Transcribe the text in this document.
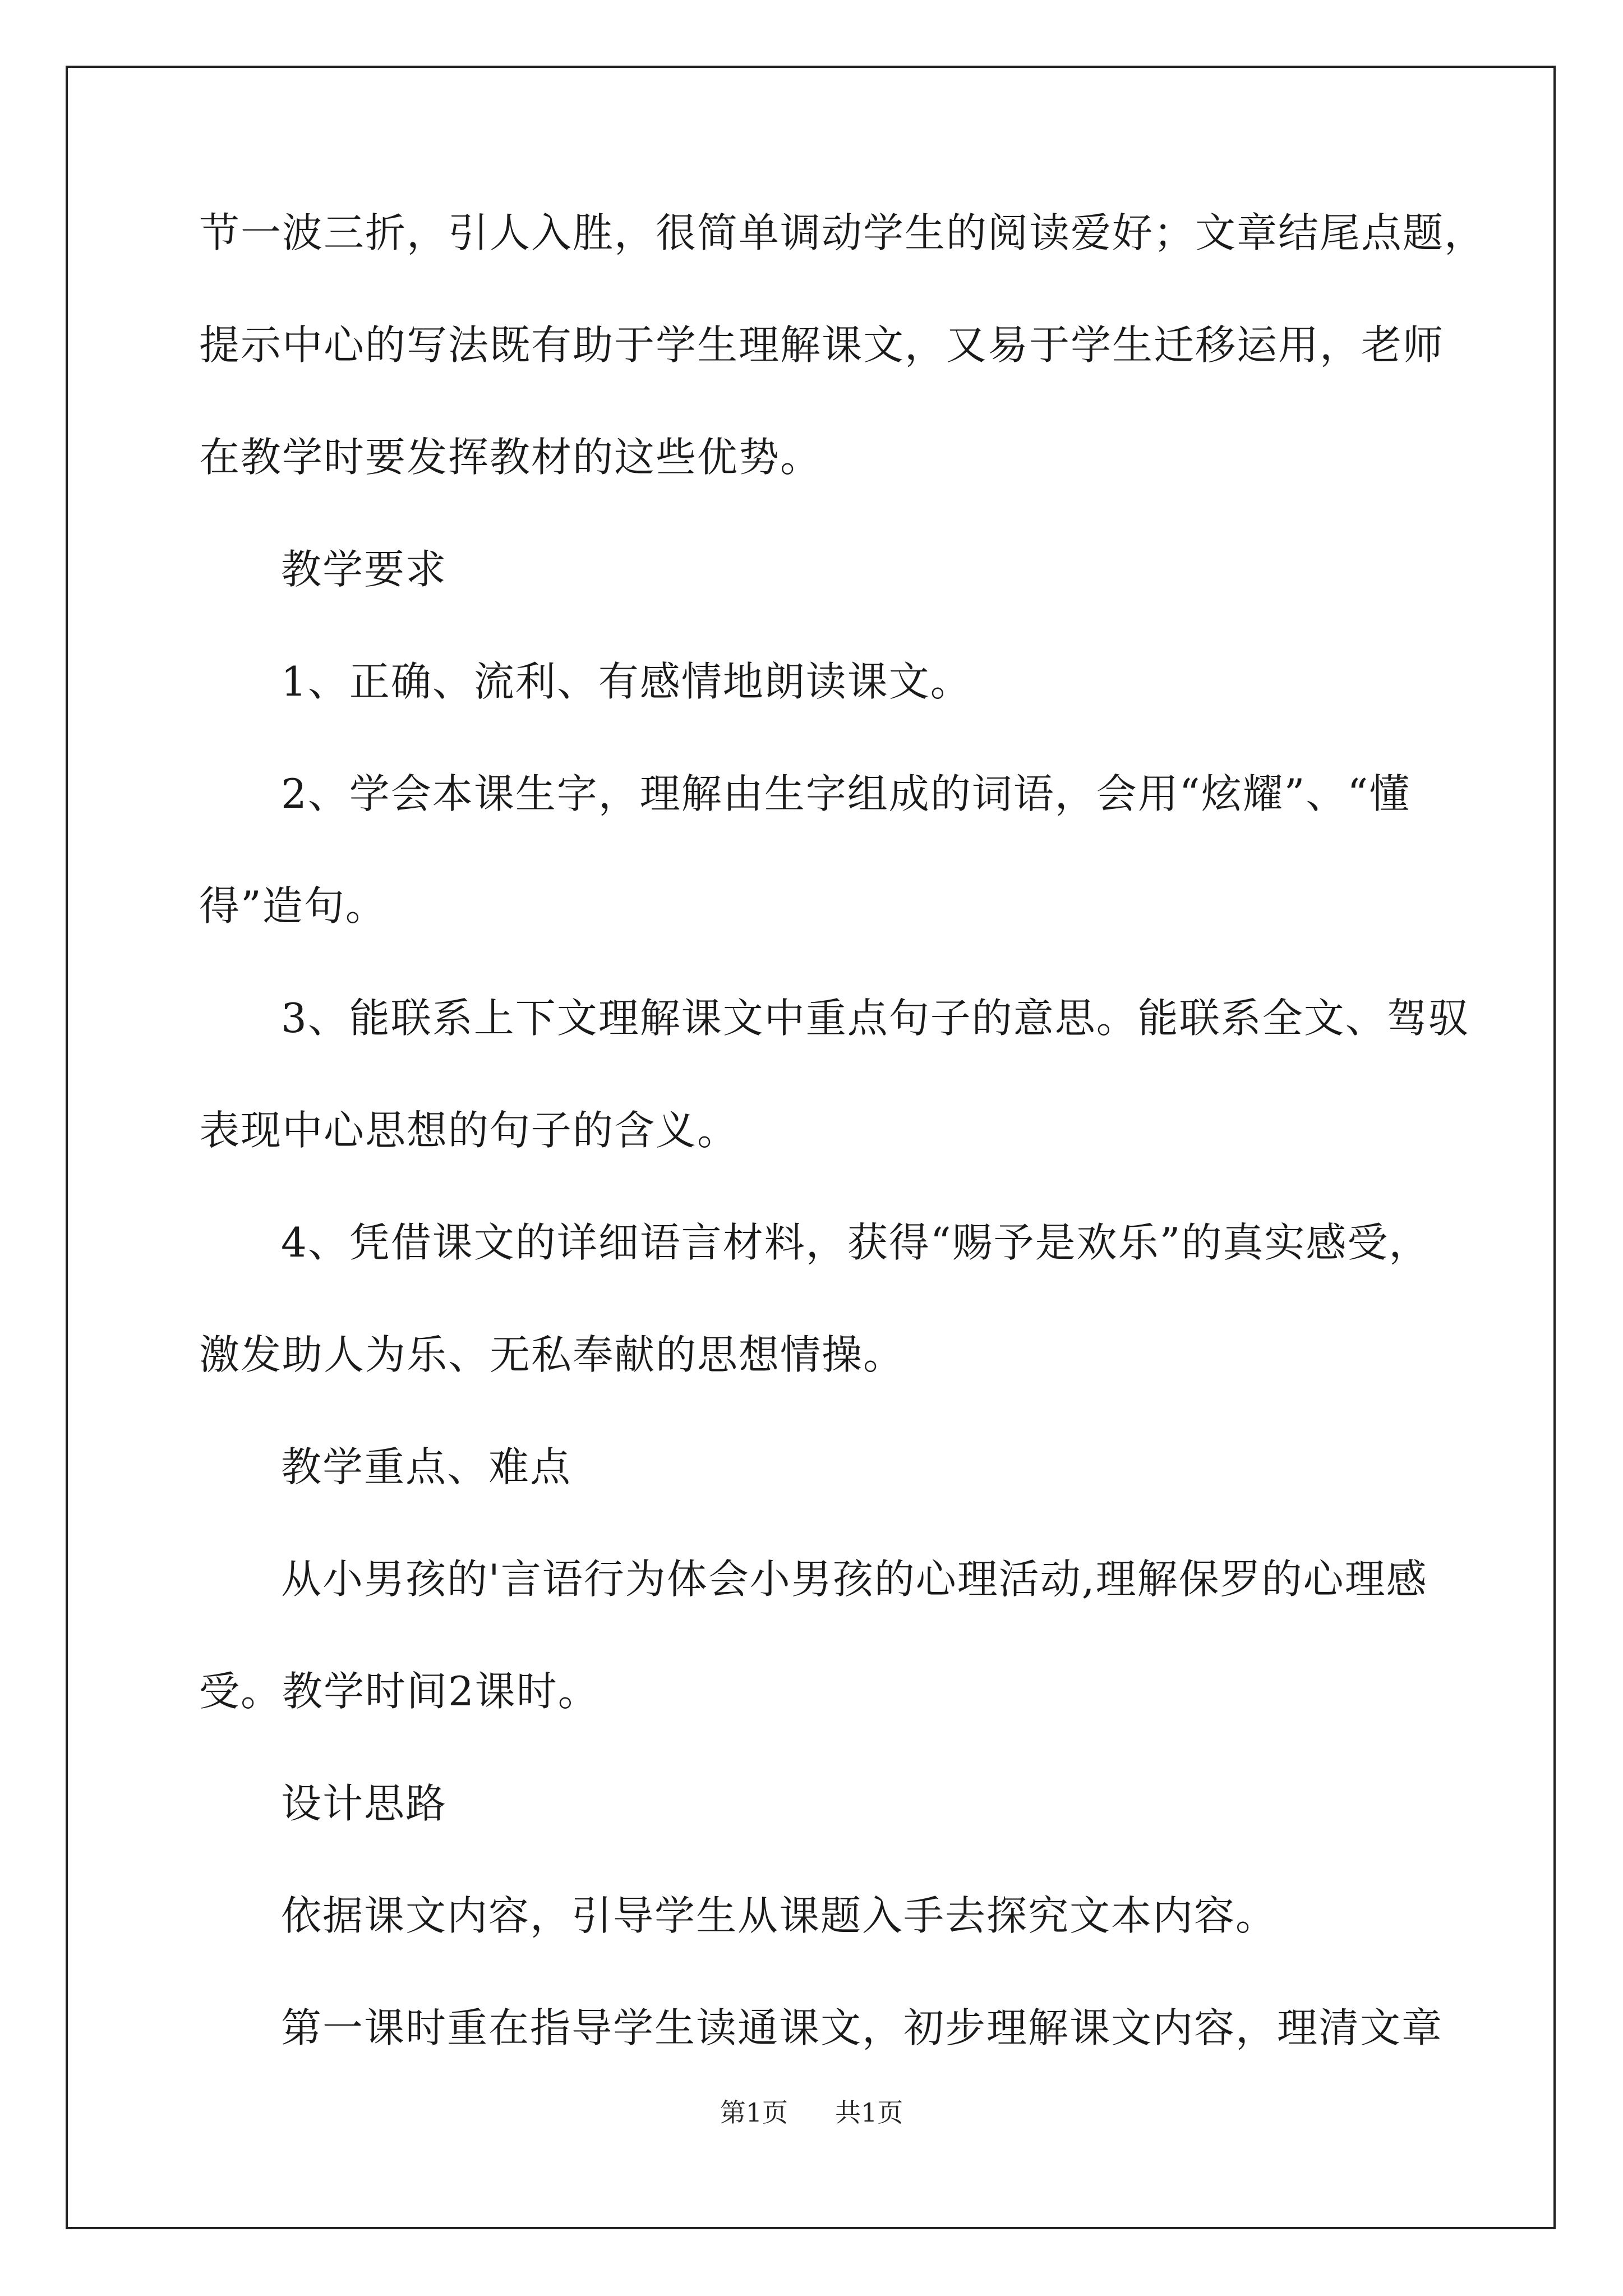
节一波三折，引人入胜，很简单调动学生的阅读爱好；文章结尾点题，
提示中心的写法既有助于学生理解课文，又易于学生迁移运用，老师
在教学时要发挥教材的这些优势。
教学要求
1、正确、流利、有感情地朗读课文。
2、学会本课生字，理解由生字组成的词语，会用“炫耀”、“懂
得”造句。
3、能联系上下文理解课文中重点句子的意思。能联系全文、驾驭
表现中心思想的句子的含义。
4、凭借课文的详细语言材料，获得“赐予是欢乐”的真实感受，
激发助人为乐、无私奉献的思想情操。
教学重点、难点
从小男孩的'言语行为体会小男孩的心理活动,理解保罗的心理感
受。教学时间2课时。
设计思路
依据课文内容，引导学生从课题入手去探究文本内容。
第一课时重在指导学生读通课文，初步理解课文内容，理清文章
第1页 共1页
